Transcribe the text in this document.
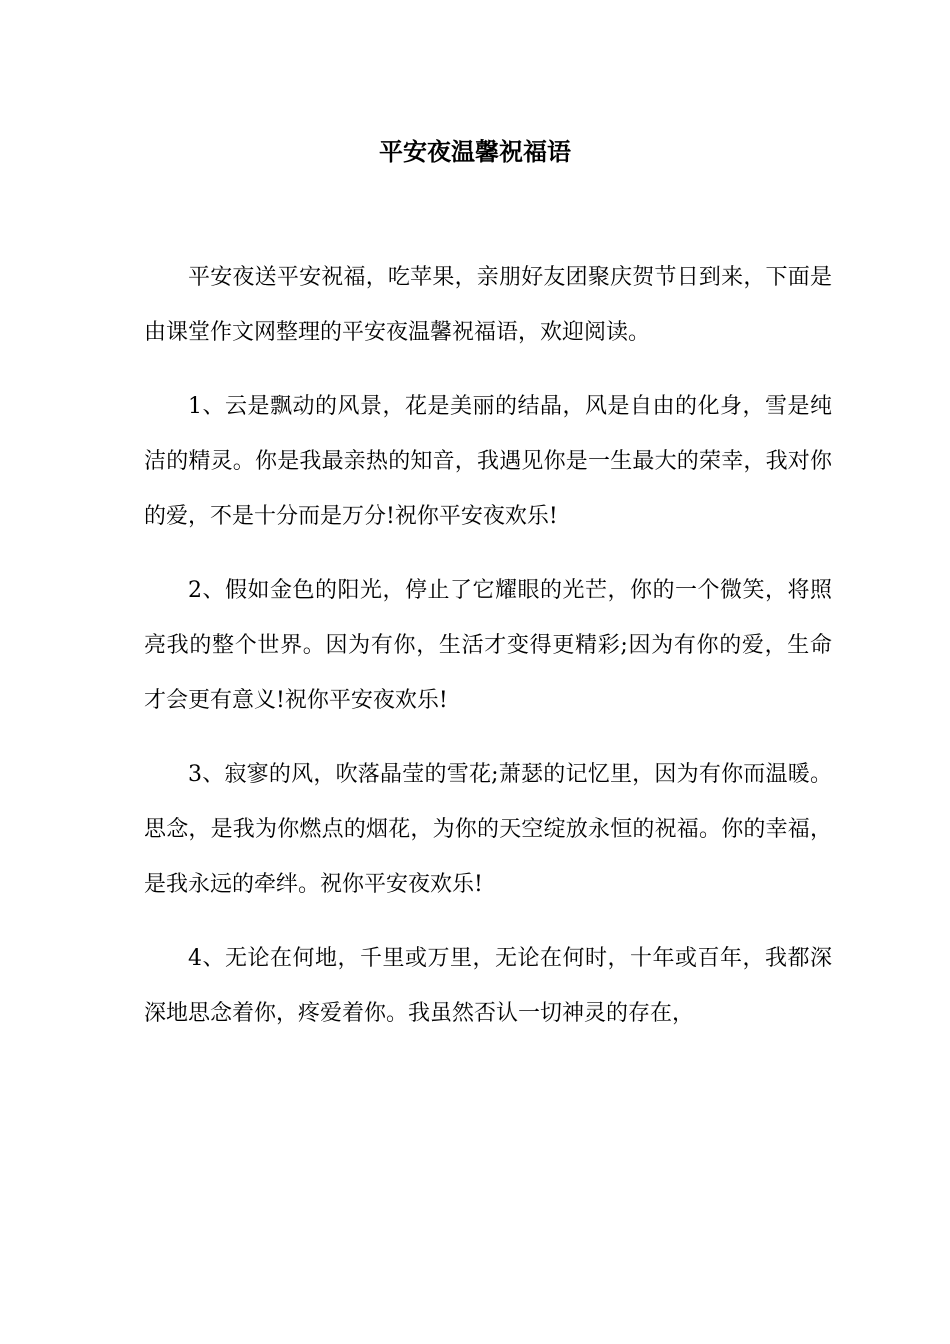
平安夜温馨祝福语

平安夜送平安祝福，吃苹果，亲朋好友团聚庆贺节日到来，下面是由课堂作文网整理的平安夜温馨祝福语，欢迎阅读。

1、云是飘动的风景，花是美丽的结晶，风是自由的化身，雪是纯洁的精灵。你是我最亲热的知音，我遇见你是一生最大的荣幸，我对你的爱，不是十分而是万分!祝你平安夜欢乐!

2、假如金色的阳光，停止了它耀眼的光芒，你的一个微笑，将照亮我的整个世界。因为有你，生活才变得更精彩;因为有你的爱，生命才会更有意义!祝你平安夜欢乐!

3、寂寥的风，吹落晶莹的雪花;萧瑟的记忆里，因为有你而温暖。思念，是我为你燃点的烟花，为你的天空绽放永恒的祝福。你的幸福，是我永远的牵绊。祝你平安夜欢乐!

4、无论在何地，千里或万里，无论在何时，十年或百年，我都深深地思念着你，疼爱着你。我虽然否认一切神灵的存在，
